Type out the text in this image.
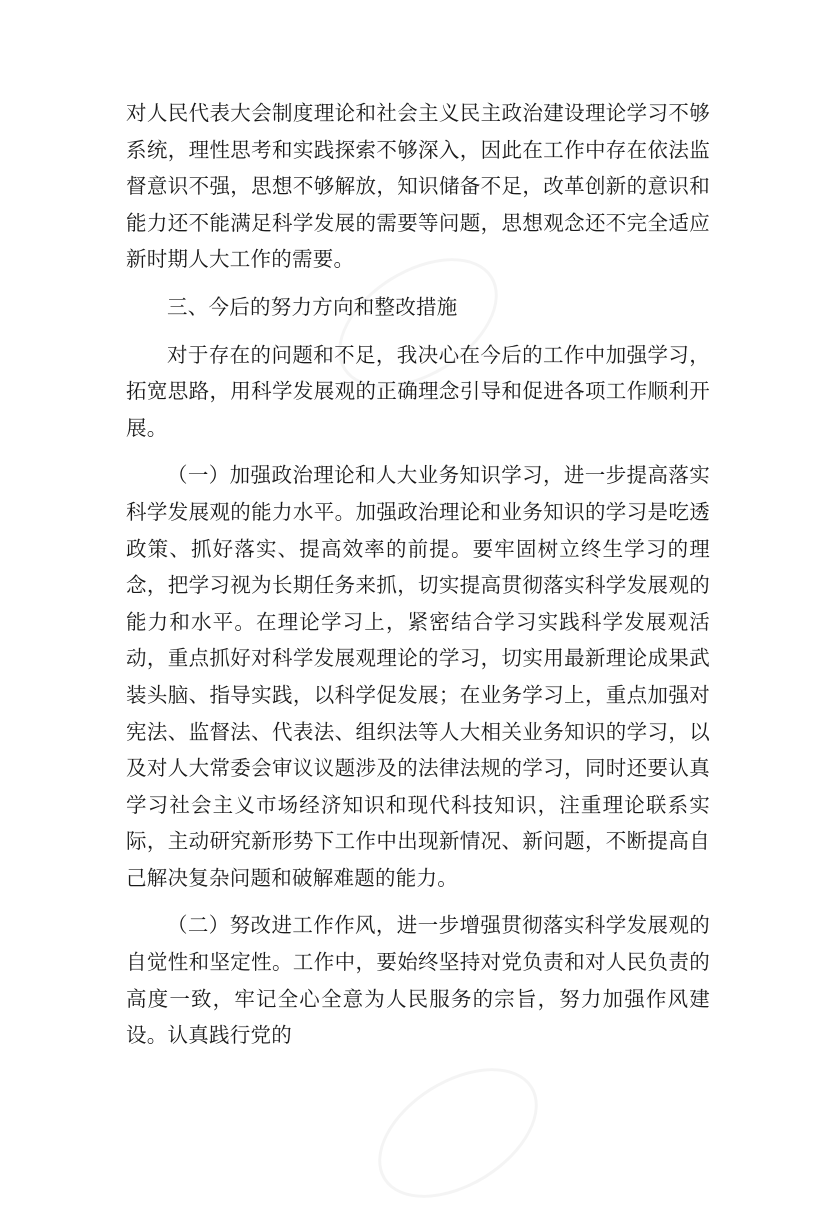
对人民代表大会制度理论和社会主义民主政治建设理论学习不够系统，理性思考和实践探索不够深入，因此在工作中存在依法监督意识不强，思想不够解放，知识储备不足，改革创新的意识和能力还不能满足科学发展的需要等问题，思想观念还不完全适应新时期人大工作的需要。

三、今后的努力方向和整改措施

对于存在的问题和不足，我决心在今后的工作中加强学习，拓宽思路，用科学发展观的正确理念引导和促进各项工作顺利开展。

（一）加强政治理论和人大业务知识学习，进一步提高落实科学发展观的能力水平。加强政治理论和业务知识的学习是吃透政策、抓好落实、提高效率的前提。要牢固树立终生学习的理念，把学习视为长期任务来抓，切实提高贯彻落实科学发展观的能力和水平。在理论学习上，紧密结合学习实践科学发展观活动，重点抓好对科学发展观理论的学习，切实用最新理论成果武装头脑、指导实践，以科学促发展；在业务学习上，重点加强对宪法、监督法、代表法、组织法等人大相关业务知识的学习，以及对人大常委会审议议题涉及的法律法规的学习，同时还要认真学习社会主义市场经济知识和现代科技知识，注重理论联系实际，主动研究新形势下工作中出现新情况、新问题，不断提高自己解决复杂问题和破解难题的能力。

（二）努改进工作作风，进一步增强贯彻落实科学发展观的自觉性和坚定性。工作中，要始终坚持对党负责和对人民负责的高度一致，牢记全心全意为人民服务的宗旨，努力加强作风建设。认真践行党的
